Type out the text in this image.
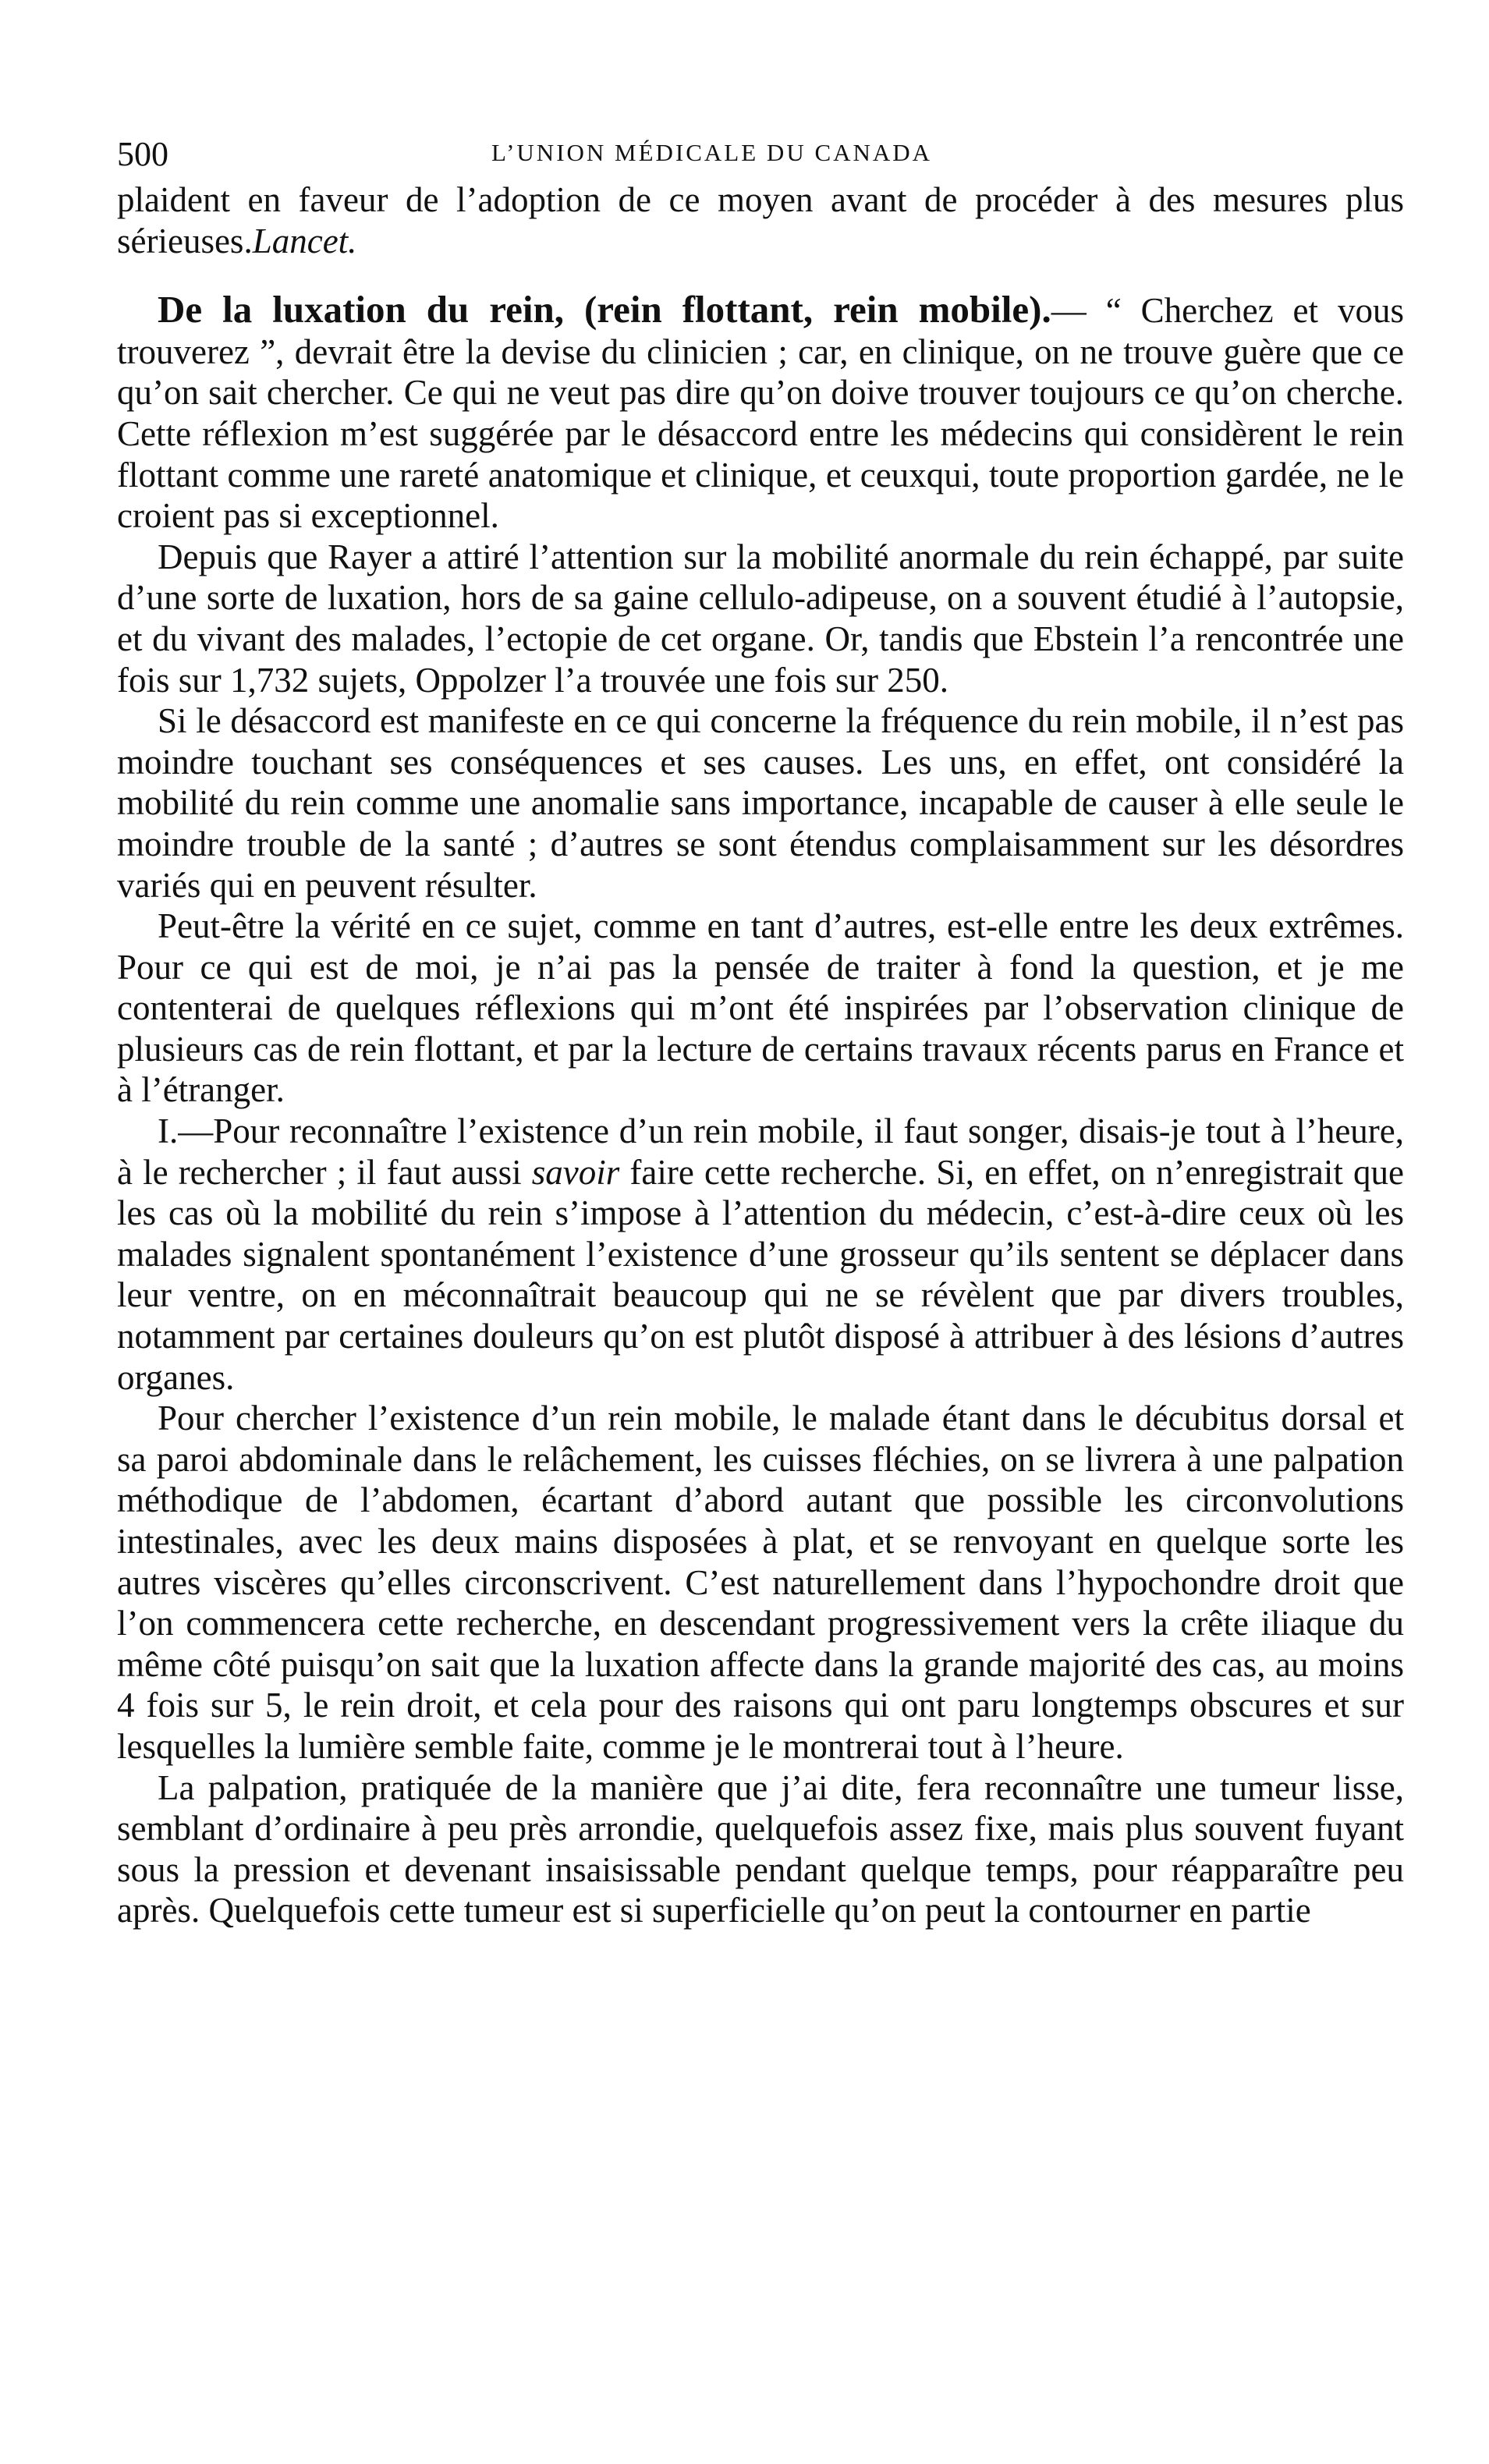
500	L’UNION MÉDICALE DU CANADA

plaident en faveur de l’adoption de ce moyen avant de procéder à des mesures plus sérieuses.Lancet.

De la luxation du rein, (rein flottant, rein mobile).— “ Cherchez et vous trouverez ”, devrait être la devise du clinicien ; car, en clinique, on ne trouve guère que ce qu’on sait chercher. Ce qui ne veut pas dire qu’on doive trouver toujours ce qu’on cherche. Cette réflexion m’est suggérée par le désaccord entre les médecins qui considèrent le rein flottant comme une rareté anatomique et clinique, et ceuxqui, toute proportion gardée, ne le croient pas si exceptionnel.

Depuis que Rayer a attiré l’attention sur la mobilité anormale du rein échappé, par suite d’une sorte de luxation, hors de sa gaine cellulo-adipeuse, on a souvent étudié à l’autopsie, et du vivant des malades, l’ectopie de cet organe. Or, tandis que Ebstein l’a rencontrée une fois sur 1,732 sujets, Oppolzer l’a trouvée une fois sur 250.

Si le désaccord est manifeste en ce qui concerne la fréquence du rein mobile, il n’est pas moindre touchant ses conséquences et ses causes. Les uns, en effet, ont considéré la mobilité du rein comme une anomalie sans importance, incapable de causer à elle seule le moindre trouble de la santé ; d’autres se sont étendus complaisamment sur les désordres variés qui en peuvent résulter.

Peut-être la vérité en ce sujet, comme en tant d’autres, est-elle entre les deux extrêmes. Pour ce qui est de moi, je n’ai pas la pensée de traiter à fond la question, et je me contenterai de quelques réflexions qui m’ont été inspirées par l’observation clinique de plusieurs cas de rein flottant, et par la lecture de certains travaux récents parus en France et à l’étranger.

I.—Pour reconnaître l’existence d’un rein mobile, il faut songer, disais-je tout à l’heure, à le rechercher ; il faut aussi savoir faire cette recherche. Si, en effet, on n’enregistrait que les cas où la mobilité du rein s’impose à l’attention du médecin, c’est-à-dire ceux où les malades signalent spontanément l’existence d’une grosseur qu’ils sentent se déplacer dans leur ventre, on en méconnaîtrait beaucoup qui ne se révèlent que par divers troubles, notamment par certaines douleurs qu’on est plutôt disposé à attribuer à des lésions d’autres organes.

Pour chercher l’existence d’un rein mobile, le malade étant dans le décubitus dorsal et sa paroi abdominale dans le relâchement, les cuisses fléchies, on se livrera à une palpation méthodique de l’abdomen, écartant d’abord autant que possible les circonvolutions intestinales, avec les deux mains disposées à plat, et se renvoyant en quelque sorte les autres viscères qu’elles circonscrivent. C’est naturellement dans l’hypochondre droit que l’on commencera cette recherche, en descendant progressivement vers la crête iliaque du même côté puisqu’on sait que la luxation affecte dans la grande majorité des cas, au moins 4 fois sur 5, le rein droit, et cela pour des raisons qui ont paru longtemps obscures et sur lesquelles la lumière semble faite, comme je le montrerai tout à l’heure.

La palpation, pratiquée de la manière que j’ai dite, fera reconnaître une tumeur lisse, semblant d’ordinaire à peu près arrondie, quelquefois assez fixe, mais plus souvent fuyant sous la pression et devenant insaisissable pendant quelque temps, pour réapparaître peu après. Quelquefois cette tumeur est si superficielle qu’on peut la contourner en partie
